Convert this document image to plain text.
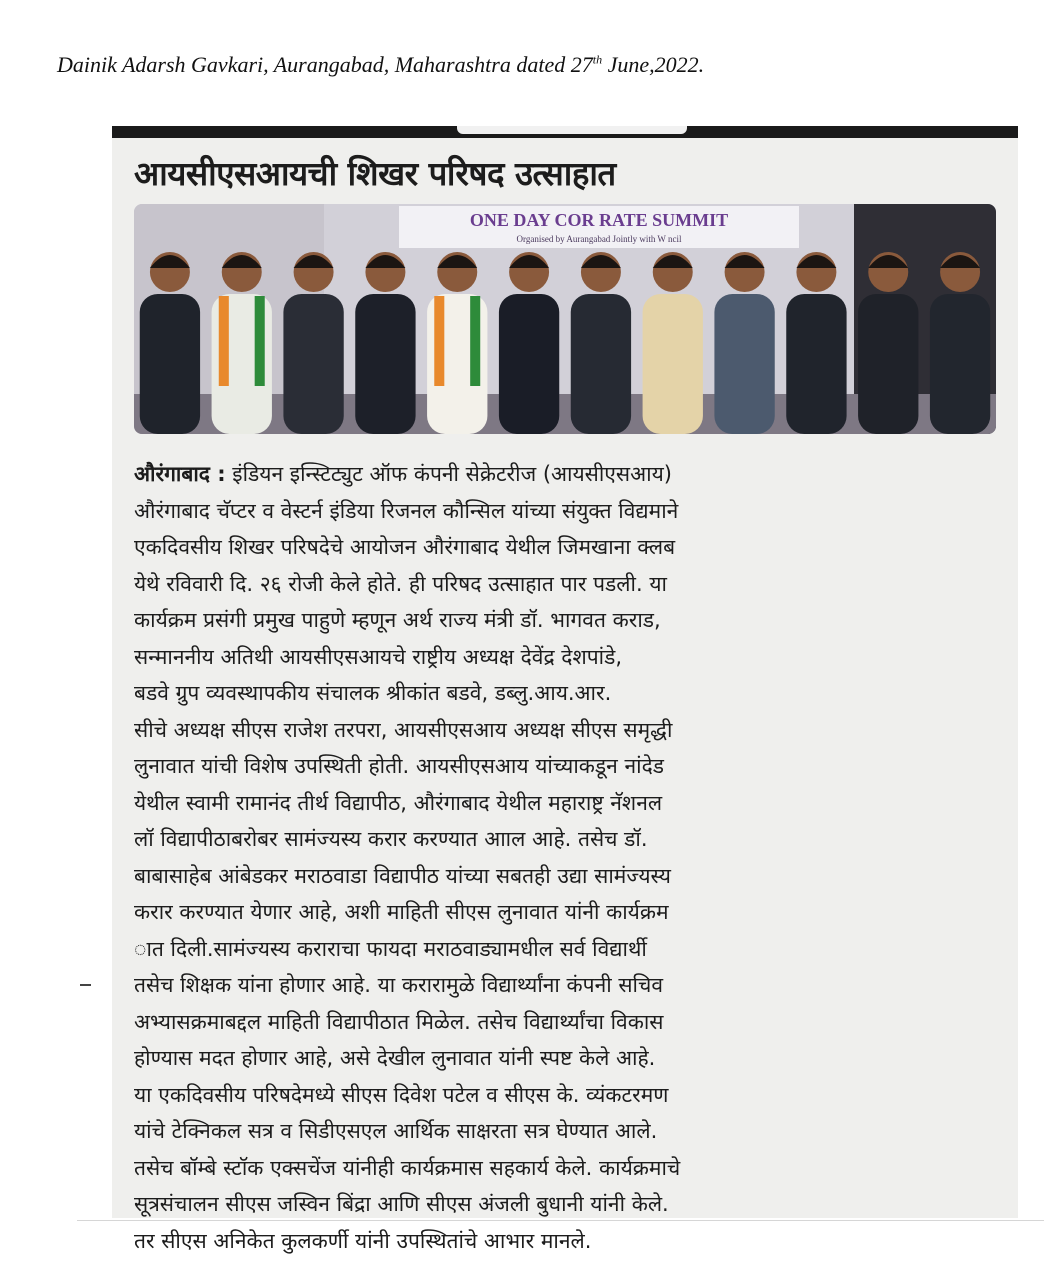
Dainik Adarsh Gavkari, Aurangabad, Maharashtra dated 27th June,2022.
आयसीएसआयची शिखर परिषद उत्साहात
ONE DAY COR RATE SUMMIT
Organised by Aurangabad Jointly with W ncil
औरंगाबाद : इंडियन इन्स्टिट्युट ऑफ कंपनी सेक्रेटरीज (आयसीएसआय)
औरंगाबाद चॅप्टर व वेस्टर्न इंडिया रिजनल कौन्सिल यांच्या संयुक्त विद्यमाने
एकदिवसीय शिखर परिषदेचे आयोजन औरंगाबाद येथील जिमखाना क्लब
येथे रविवारी दि. २६ रोजी केले होते. ही परिषद उत्साहात पार पडली. या
कार्यक्रम प्रसंगी प्रमुख पाहुणे म्हणून अर्थ राज्य मंत्री डॉ. भागवत कराड,
सन्माननीय अतिथी आयसीएसआयचे राष्ट्रीय अध्यक्ष देवेंद्र देशपांडे,
बडवे ग्रुप व्यवस्थापकीय संचालक श्रीकांत बडवे, डब्लु.आय.आर.
सीचे अध्यक्ष सीएस राजेश तरपरा, आयसीएसआय अध्यक्ष सीएस समृद्धी
लुनावात यांची विशेष उपस्थिती होती. आयसीएसआय यांच्याकडून नांदेड
येथील स्वामी रामानंद तीर्थ विद्यापीठ, औरंगाबाद येथील महाराष्ट्र नॅशनल
लॉ विद्यापीठाबरोबर सामंज्यस्य करार करण्यात आाल आहे. तसेच डॉ.
बाबासाहेब आंबेडकर मराठवाडा विद्यापीठ यांच्या सबतही उद्या सामंज्यस्य
करार करण्यात येणार आहे, अशी माहिती सीएस लुनावात यांनी कार्यक्रम
ात दिली.सामंज्यस्य कराराचा फायदा मराठवाड्यामधील सर्व विद्यार्थी
तसेच शिक्षक यांना होणार आहे. या करारामुळे विद्यार्थ्यांना कंपनी सचिव
अभ्यासक्रमाबद्दल माहिती विद्यापीठात मिळेल. तसेच विद्यार्थ्यांचा विकास
होण्यास मदत होणार आहे, असे देखील लुनावात यांनी स्पष्ट केले आहे.
या एकदिवसीय परिषदेमध्ये सीएस दिवेश पटेल व सीएस के. व्यंकटरमण
यांचे टेक्निकल सत्र व सिडीएसएल आर्थिक साक्षरता सत्र घेण्यात आले.
तसेच बॉम्बे स्टॉक एक्सचेंज यांनीही कार्यक्रमास सहकार्य केले. कार्यक्रमाचे
सूत्रसंचालन सीएस जस्विन बिंद्रा आणि सीएस अंजली बुधानी यांनी केले.
तर सीएस अनिकेत कुलकर्णी यांनी उपस्थितांचे आभार मानले.
